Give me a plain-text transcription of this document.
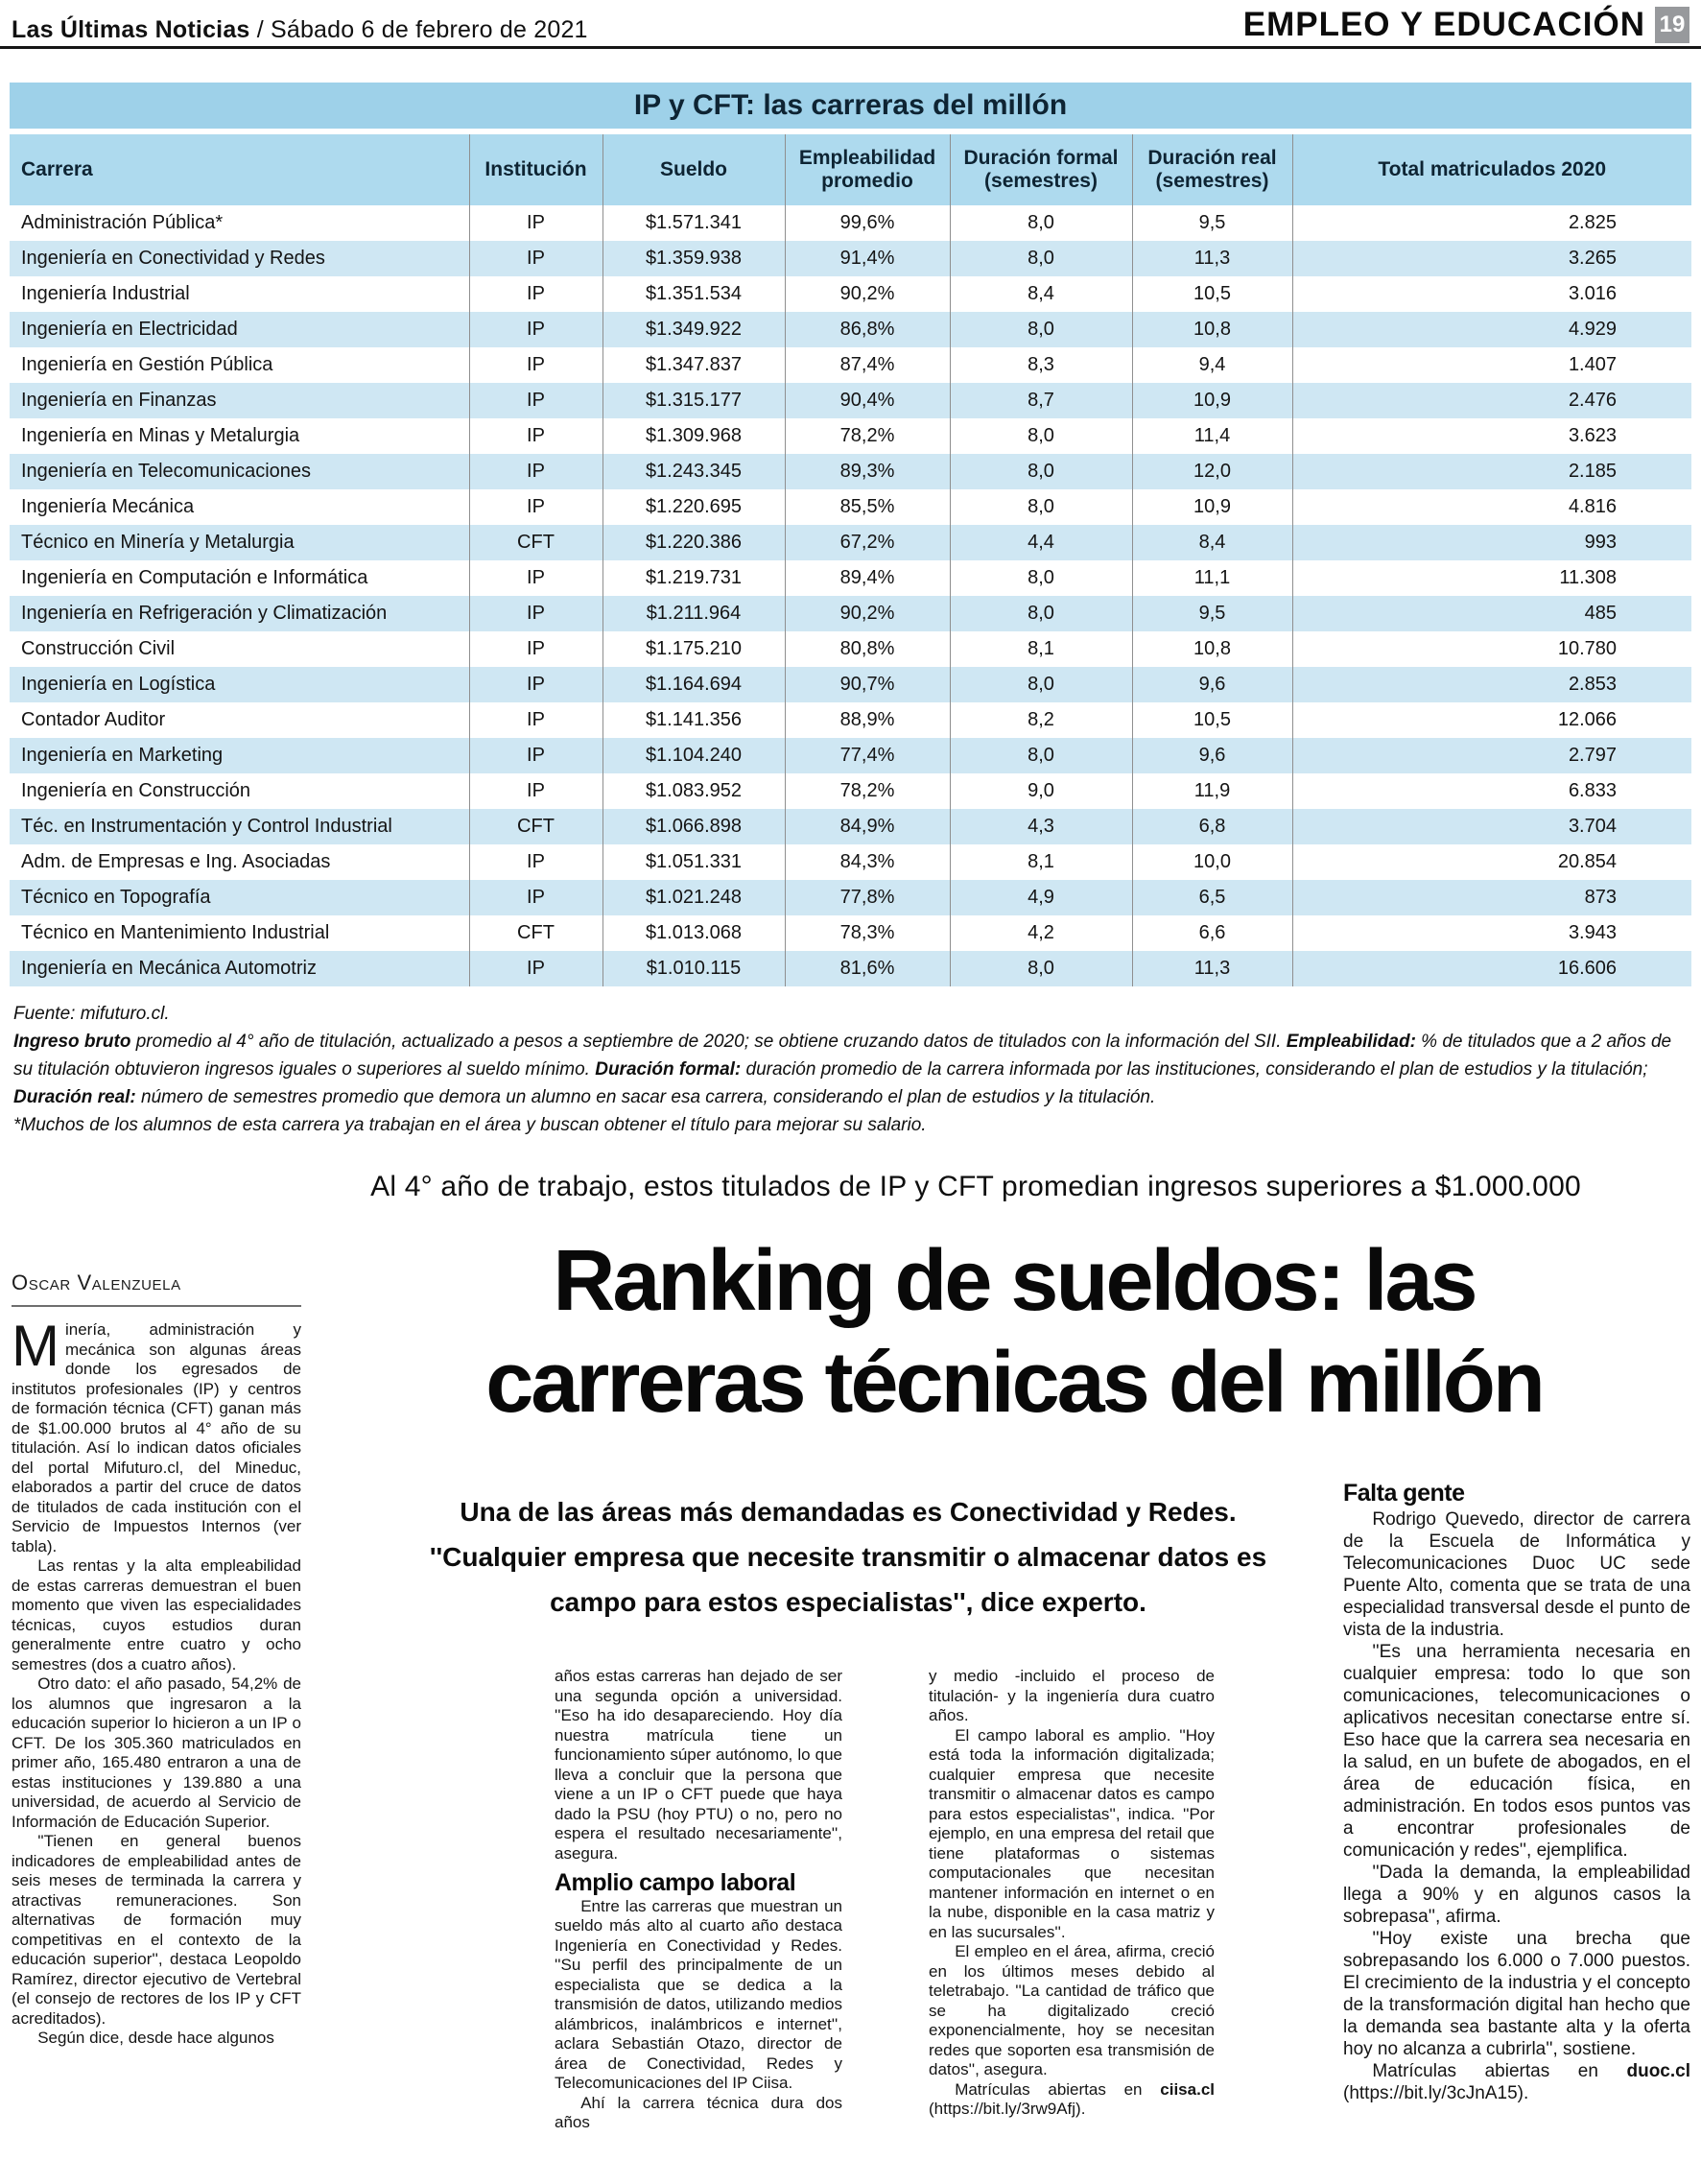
Las Últimas Noticias / Sábado 6 de febrero de 2021	EMPLEO Y EDUCACIÓN 19
IP y CFT: las carreras del millón
Carrera	Institución	Sueldo	Empleabilidad promedio	Duración formal (semestres)	Duración real (semestres)	Total matriculados 2020
Administración Pública*	IP	$1.571.341	99,6%	8,0	9,5	2.825
Ingeniería en Conectividad y Redes	IP	$1.359.938	91,4%	8,0	11,3	3.265
Ingeniería Industrial	IP	$1.351.534	90,2%	8,4	10,5	3.016
Ingeniería en Electricidad	IP	$1.349.922	86,8%	8,0	10,8	4.929
Ingeniería en Gestión Pública	IP	$1.347.837	87,4%	8,3	9,4	1.407
Ingeniería en Finanzas	IP	$1.315.177	90,4%	8,7	10,9	2.476
Ingeniería en Minas y Metalurgia	IP	$1.309.968	78,2%	8,0	11,4	3.623
Ingeniería en Telecomunicaciones	IP	$1.243.345	89,3%	8,0	12,0	2.185
Ingeniería Mecánica	IP	$1.220.695	85,5%	8,0	10,9	4.816
Técnico en Minería y Metalurgia	CFT	$1.220.386	67,2%	4,4	8,4	993
Ingeniería en Computación e Informática	IP	$1.219.731	89,4%	8,0	11,1	11.308
Ingeniería en Refrigeración y Climatización	IP	$1.211.964	90,2%	8,0	9,5	485
Construcción Civil	IP	$1.175.210	80,8%	8,1	10,8	10.780
Ingeniería en Logística	IP	$1.164.694	90,7%	8,0	9,6	2.853
Contador Auditor	IP	$1.141.356	88,9%	8,2	10,5	12.066
Ingeniería en Marketing	IP	$1.104.240	77,4%	8,0	9,6	2.797
Ingeniería en Construcción	IP	$1.083.952	78,2%	9,0	11,9	6.833
Téc. en Instrumentación y Control Industrial	CFT	$1.066.898	84,9%	4,3	6,8	3.704
Adm. de Empresas e Ing. Asociadas	IP	$1.051.331	84,3%	8,1	10,0	20.854
Técnico en Topografía	IP	$1.021.248	77,8%	4,9	6,5	873
Técnico en Mantenimiento Industrial	CFT	$1.013.068	78,3%	4,2	6,6	3.943
Ingeniería en Mecánica Automotriz	IP	$1.010.115	81,6%	8,0	11,3	16.606
Fuente: mifuturo.cl.
Ingreso bruto promedio al 4° año de titulación, actualizado a pesos a septiembre de 2020; se obtiene cruzando datos de titulados con la información del SII. Empleabilidad: % de titulados que a 2 años de su titulación obtuvieron ingresos iguales o superiores al sueldo mínimo. Duración formal: duración promedio de la carrera informada por las instituciones, considerando el plan de estudios y la titulación; Duración real: número de semestres promedio que demora un alumno en sacar esa carrera, considerando el plan de estudios y la titulación.
*Muchos de los alumnos de esta carrera ya trabajan en el área y buscan obtener el título para mejorar su salario.
Al 4° año de trabajo, estos titulados de IP y CFT promedian ingresos superiores a $1.000.000
Oscar Valenzuela	Ranking de sueldos: las
carreras técnicas del millón
Una de las áreas más demandadas es Conectividad y Redes. ''Cualquier empresa que necesite transmitir o almacenar datos es campo para estos especialistas'', dice experto.

Minería, administración y mecánica son algunas áreas donde los egresados de institutos profesionales (IP) y centros de formación técnica (CFT) ganan más de $1.00.000 brutos al 4° año de su titulación. Así lo indican datos oficiales del portal Mifuturo.cl, del Mineduc, elaborados a partir del cruce de datos de titulados de cada institución con el Servicio de Impuestos Internos (ver tabla).

Las rentas y la alta empleabilidad de estas carreras demuestran el buen momento que viven las especialidades técnicas, cuyos estudios duran generalmente entre cuatro y ocho semestres (dos a cuatro años).

Otro dato: el año pasado, 54,2% de los alumnos que ingresaron a la educación superior lo hicieron a un IP o CFT. De los 305.360 matriculados en primer año, 165.480 entraron a una de estas instituciones y 139.880 a una universidad, de acuerdo al Servicio de Información de Educación Superior.

''Tienen en general buenos indicadores de empleabilidad antes de seis meses de terminada la carrera y atractivas remuneraciones. Son alternativas de formación muy competitivas en el contexto de la educación superior'', destaca Leopoldo Ramírez, director ejecutivo de Vertebral (el consejo de rectores de los IP y CFT acreditados).

Según dice, desde hace algunos

años estas carreras han dejado de ser una segunda opción a universidad. ''Eso ha ido desapareciendo. Hoy día nuestra matrícula tiene un funcionamiento súper autónomo, lo que lleva a concluir que la persona que viene a un IP o CFT puede que haya dado la PSU (hoy PTU) o no, pero no espera el resultado necesariamente'', asegura.

Amplio campo laboral

Entre las carreras que muestran un sueldo más alto al cuarto año destaca Ingeniería en Conectividad y Redes. ''Su perfil des principalmente de un especialista que se dedica a la transmisión de datos, utilizando medios alámbricos, inalámbricos e internet'', aclara Sebastián Otazo, director de área de Conectividad, Redes y Telecomunicaciones del IP Ciisa.

Ahí la carrera técnica dura dos años

y medio -incluido el proceso de titulación- y la ingeniería dura cuatro años.

El campo laboral es amplio. ''Hoy está toda la información digitalizada; cualquier empresa que necesite transmitir o almacenar datos es campo para estos especialistas'', indica. ''Por ejemplo, en una empresa del retail que tiene plataformas o sistemas computacionales que necesitan mantener información en internet o en la nube, disponible en la casa matriz y en las sucursales''.

El empleo en el área, afirma, creció en los últimos meses debido al teletrabajo. ''La cantidad de tráfico que se ha digitalizado creció exponencialmente, hoy se necesitan redes que soporten esa transmisión de datos'', asegura.

Matrículas abiertas en ciisa.cl (https://bit.ly/3rw9Afj).

Falta gente

Rodrigo Quevedo, director de carrera de la Escuela de Informática y Telecomunicaciones Duoc UC sede Puente Alto, comenta que se trata de una especialidad transversal desde el punto de vista de la industria.

''Es una herramienta necesaria en cualquier empresa: todo lo que son comunicaciones, telecomunicaciones o aplicativos necesitan conectarse entre sí. Eso hace que la carrera sea necesaria en la salud, en un bufete de abogados, en el área de educación física, en administración. En todos esos puntos vas a encontrar profesionales de comunicación y redes'', ejemplifica.

''Dada la demanda, la empleabilidad llega a 90% y en algunos casos la sobrepasa'', afirma.

''Hoy existe una brecha que sobrepasando los 6.000 o 7.000 puestos. El crecimiento de la industria y el concepto de la transformación digital han hecho que la demanda sea bastante alta y la oferta hoy no alcanza a cubrirla'', sostiene.

Matrículas abiertas en duoc.cl (https://bit.ly/3cJnA15).
